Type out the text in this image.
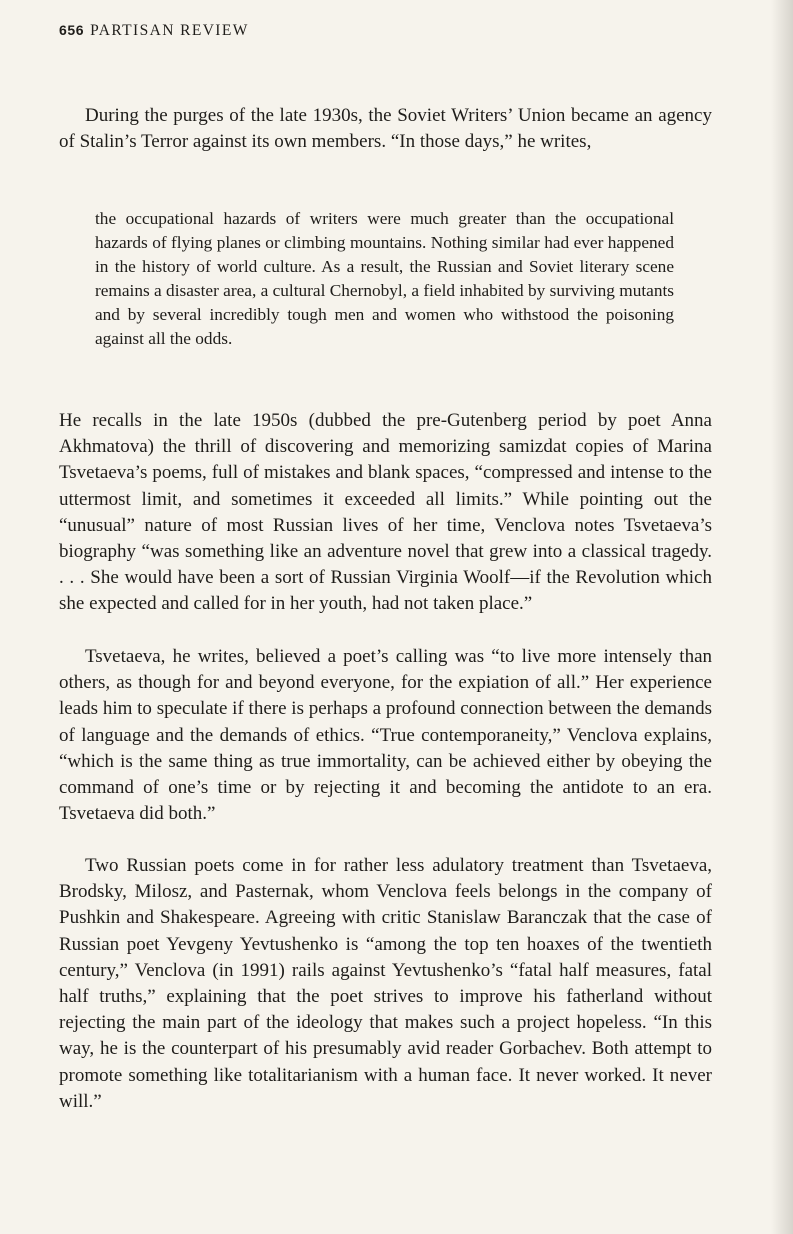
656 PARTISAN REVIEW

During the purges of the late 1930s, the Soviet Writers’ Union became an agency of Stalin’s Terror against its own members. “In those days,” he writes,

the occupational hazards of writers were much greater than the occupational hazards of flying planes or climbing mountains. Nothing similar had ever happened in the history of world culture. As a result, the Russian and Soviet literary scene remains a disaster area, a cultural Chernobyl, a field inhabited by surviving mutants and by several incredibly tough men and women who withstood the poisoning against all the odds.

He recalls in the late 1950s (dubbed the pre-Gutenberg period by poet Anna Akhmatova) the thrill of discovering and memorizing samizdat copies of Marina Tsvetaeva’s poems, full of mistakes and blank spaces, “compressed and intense to the uttermost limit, and sometimes it exceeded all limits.” While pointing out the “unusual” nature of most Russian lives of her time, Venclova notes Tsvetaeva’s biography “was something like an adventure novel that grew into a classical tragedy. . . . She would have been a sort of Russian Virginia Woolf—if the Revolution which she expected and called for in her youth, had not taken place.”

Tsvetaeva, he writes, believed a poet’s calling was “to live more intensely than others, as though for and beyond everyone, for the expiation of all.” Her experience leads him to speculate if there is perhaps a profound connection between the demands of language and the demands of ethics. “True contemporaneity,” Venclova explains, “which is the same thing as true immortality, can be achieved either by obeying the command of one’s time or by rejecting it and becoming the antidote to an era. Tsvetaeva did both.”

Two Russian poets come in for rather less adulatory treatment than Tsvetaeva, Brodsky, Milosz, and Pasternak, whom Venclova feels belongs in the company of Pushkin and Shakespeare. Agreeing with critic Stanislaw Baranczak that the case of Russian poet Yevgeny Yevtushenko is “among the top ten hoaxes of the twentieth century,” Venclova (in 1991) rails against Yevtushenko’s “fatal half measures, fatal half truths,” explaining that the poet strives to improve his fatherland without rejecting the main part of the ideology that makes such a project hopeless. “In this way, he is the counterpart of his presumably avid reader Gorbachev. Both attempt to promote something like totalitarianism with a human face. It never worked. It never will.”
